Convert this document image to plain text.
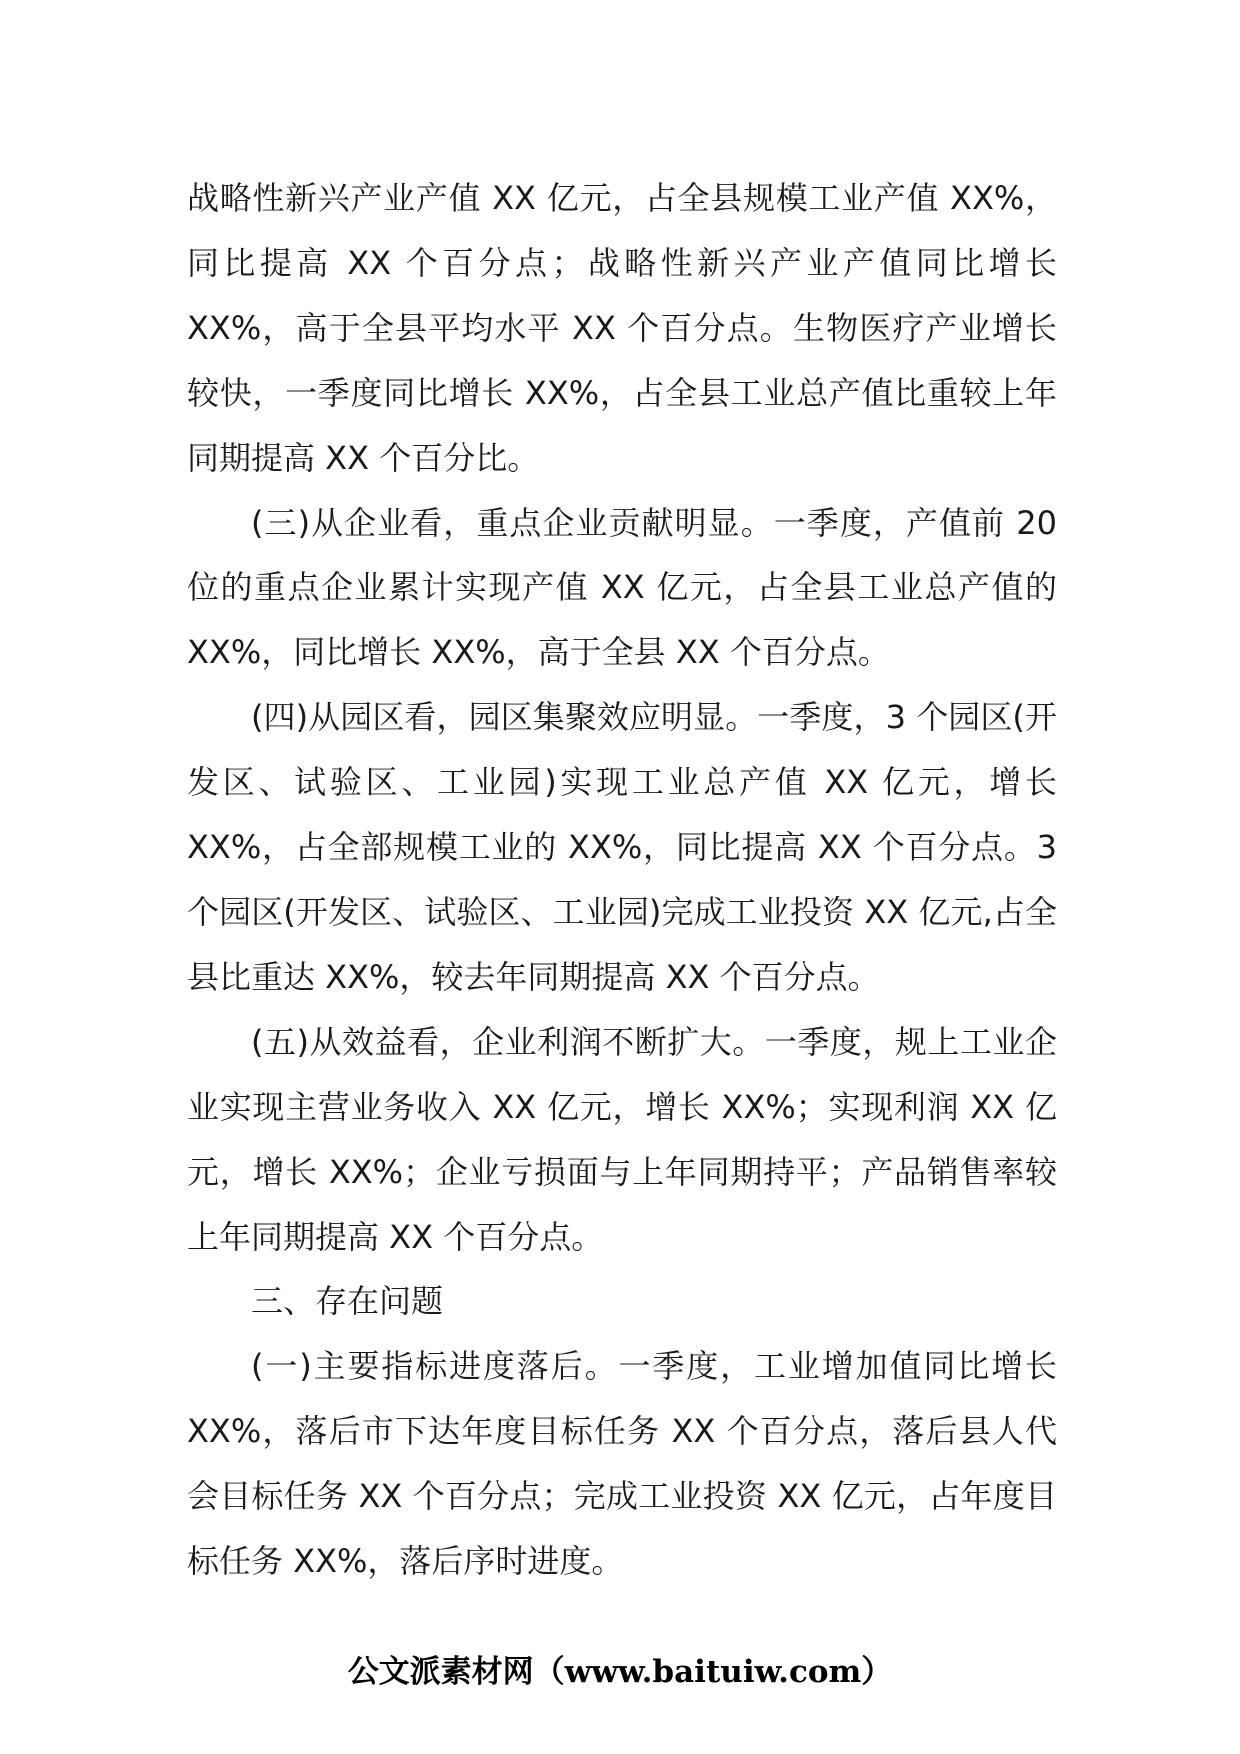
战略性新兴产业产值 XX 亿元，占全县规模工业产值 XX%，同比提高 XX 个百分点；战略性新兴产业产值同比增长 XX%，高于全县平均水平 XX 个百分点。生物医疗产业增长较快，一季度同比增长 XX%，占全县工业总产值比重较上年同期提高 XX 个百分比。

(三)从企业看，重点企业贡献明显。一季度，产值前 20 位的重点企业累计实现产值 XX 亿元，占全县工业总产值的 XX%，同比增长 XX%，高于全县 XX 个百分点。

(四)从园区看，园区集聚效应明显。一季度，3 个园区(开发区、试验区、工业园)实现工业总产值 XX 亿元，增长 XX%，占全部规模工业的 XX%，同比提高 XX 个百分点。3 个园区(开发区、试验区、工业园)完成工业投资 XX 亿元,占全县比重达 XX%，较去年同期提高 XX 个百分点。

(五)从效益看，企业利润不断扩大。一季度，规上工业企业实现主营业务收入 XX 亿元，增长 XX%；实现利润 XX 亿元，增长 XX%；企业亏损面与上年同期持平；产品销售率较上年同期提高 XX 个百分点。

三、存在问题

(一)主要指标进度落后。一季度，工业增加值同比增长 XX%，落后市下达年度目标任务 XX 个百分点，落后县人代会目标任务 XX 个百分点；完成工业投资 XX 亿元，占年度目标任务 XX%，落后序时进度。

公文派素材网（www.baituiw.com）
